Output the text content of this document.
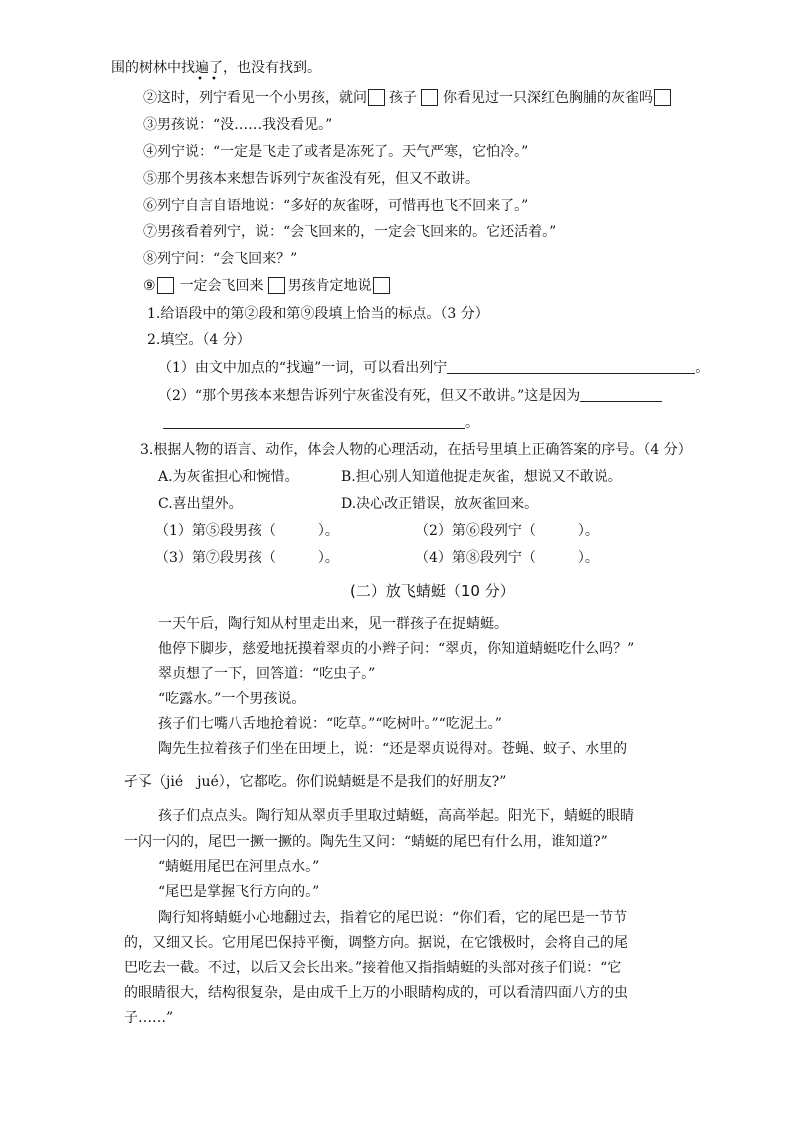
围的树林中找遍了，也没有找到。
• •
②这时，列宁看见一个小男孩，就问 孩子 你看见过一只深红色胸脯的灰雀吗
③男孩说：“没……我没看见。”
④列宁说：“一定是飞走了或者是冻死了。天气严寒，它怕冷。”
⑤那个男孩本来想告诉列宁灰雀没有死，但又不敢讲。
⑥列宁自言自语地说：“多好的灰雀呀，可惜再也飞不回来了。”
⑦男孩看着列宁，说：“会飞回来的，一定会飞回来的。它还活着。”
⑧列宁问：“会飞回来？”
⑨ 一定会飞回来 男孩肯定地说
1.给语段中的第②段和第⑨段填上恰当的标点。（3 分）
2.填空。（4 分）
（1）由文中加点的“找遍”一词，可以看出列宁	。
（2）“那个男孩本来想告诉列宁灰雀没有死，但又不敢讲。”这是因为
。
3.根据人物的语言、动作，体会人物的心理活动，在括号里填上正确答案的序号。（4 分）
A.为灰雀担心和惋惜。	B.担心别人知道他捉走灰雀，想说又不敢说。
C.喜出望外。	D.决心改正错误，放灰雀回来。
（1）第⑤段男孩（　　　）。	（2）第⑥段列宁（　　　）。
（3）第⑦段男孩（　　　）。	（4）第⑧段列宁（　　　）。
(二）放飞蜻蜓（10 分）
一天午后，陶行知从村里走出来，见一群孩子在捉蜻蜓。
他停下脚步，慈爱地抚摸着翠贞的小辫子问：“翠贞，你知道蜻蜓吃什么吗？”
翠贞想了一下，回答道：“吃虫子。”
“吃露水。”一个男孩说。
孩子们七嘴八舌地抢着说：“吃草。”“吃树叶。”“吃泥土。”
陶先生拉着孩子们坐在田埂上，说：“还是翠贞说得对。苍蝇、蚊子、水里的
孑孓（jié　jué），它都吃。你们说蜻蜓是不是我们的好朋友?”
孩子们点点头。陶行知从翠贞手里取过蜻蜓，高高举起。阳光下，蜻蜓的眼睛
一闪一闪的，尾巴一撅一撅的。陶先生又问：“蜻蜓的尾巴有什么用，谁知道?”
“蜻蜓用尾巴在河里点水。”
“尾巴是掌握飞行方向的。”
陶行知将蜻蜓小心地翻过去，指着它的尾巴说：“你们看，它的尾巴是一节节
的，又细又长。它用尾巴保持平衡，调整方向。据说，在它饿极时，会将自己的尾
巴吃去一截。不过，以后又会长出来。”接着他又指指蜻蜓的头部对孩子们说：“它
的眼睛很大，结构很复杂，是由成千上万的小眼睛构成的，可以看清四面八方的虫
子……”
